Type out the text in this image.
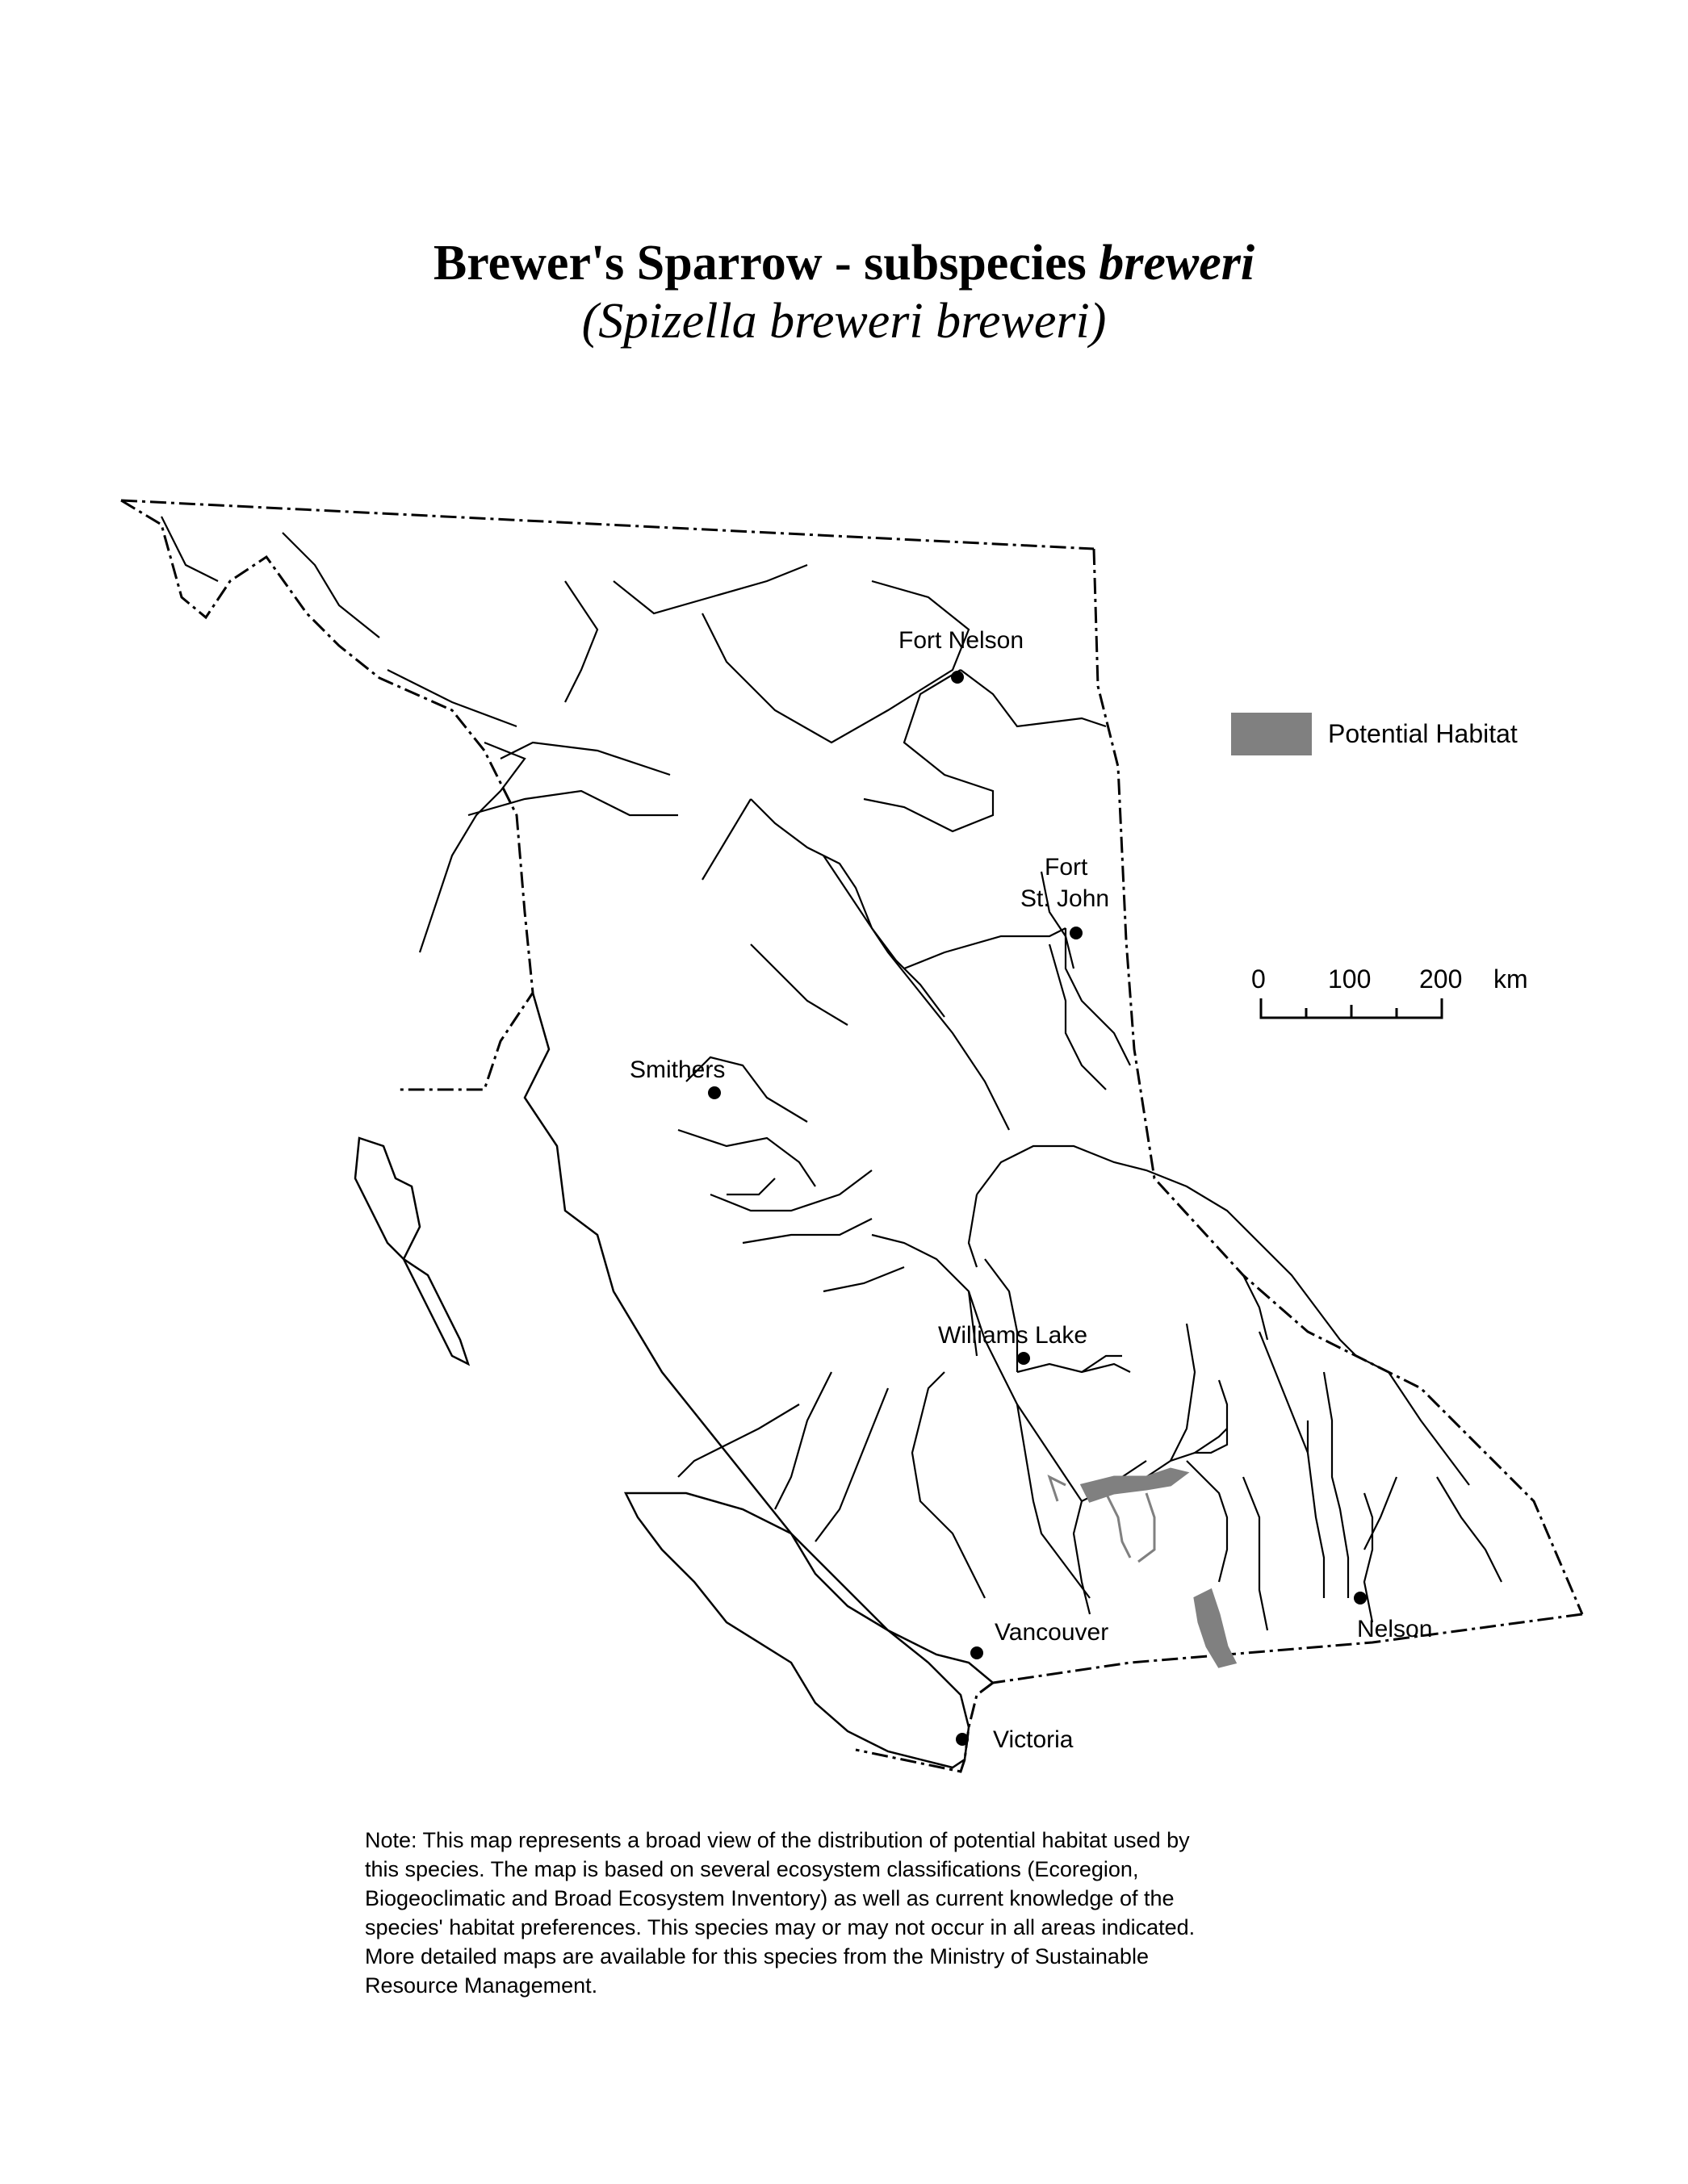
Brewer's Sparrow - subspecies breweri
(Spizella breweri breweri)
Fort Nelson
Fort
St. John
Smithers
Williams Lake
Vancouver	Nelson
Victoria
Potential Habitat
0 100 200 km
Note: This map represents a broad view of the distribution of potential habitat used by
this species. The map is based on several ecosystem classifications (Ecoregion,
Biogeoclimatic and Broad Ecosystem Inventory) as well as current knowledge of the
species' habitat preferences. This species may or may not occur in all areas indicated.
More detailed maps are available for this species from the Ministry of Sustainable
Resource Management.
